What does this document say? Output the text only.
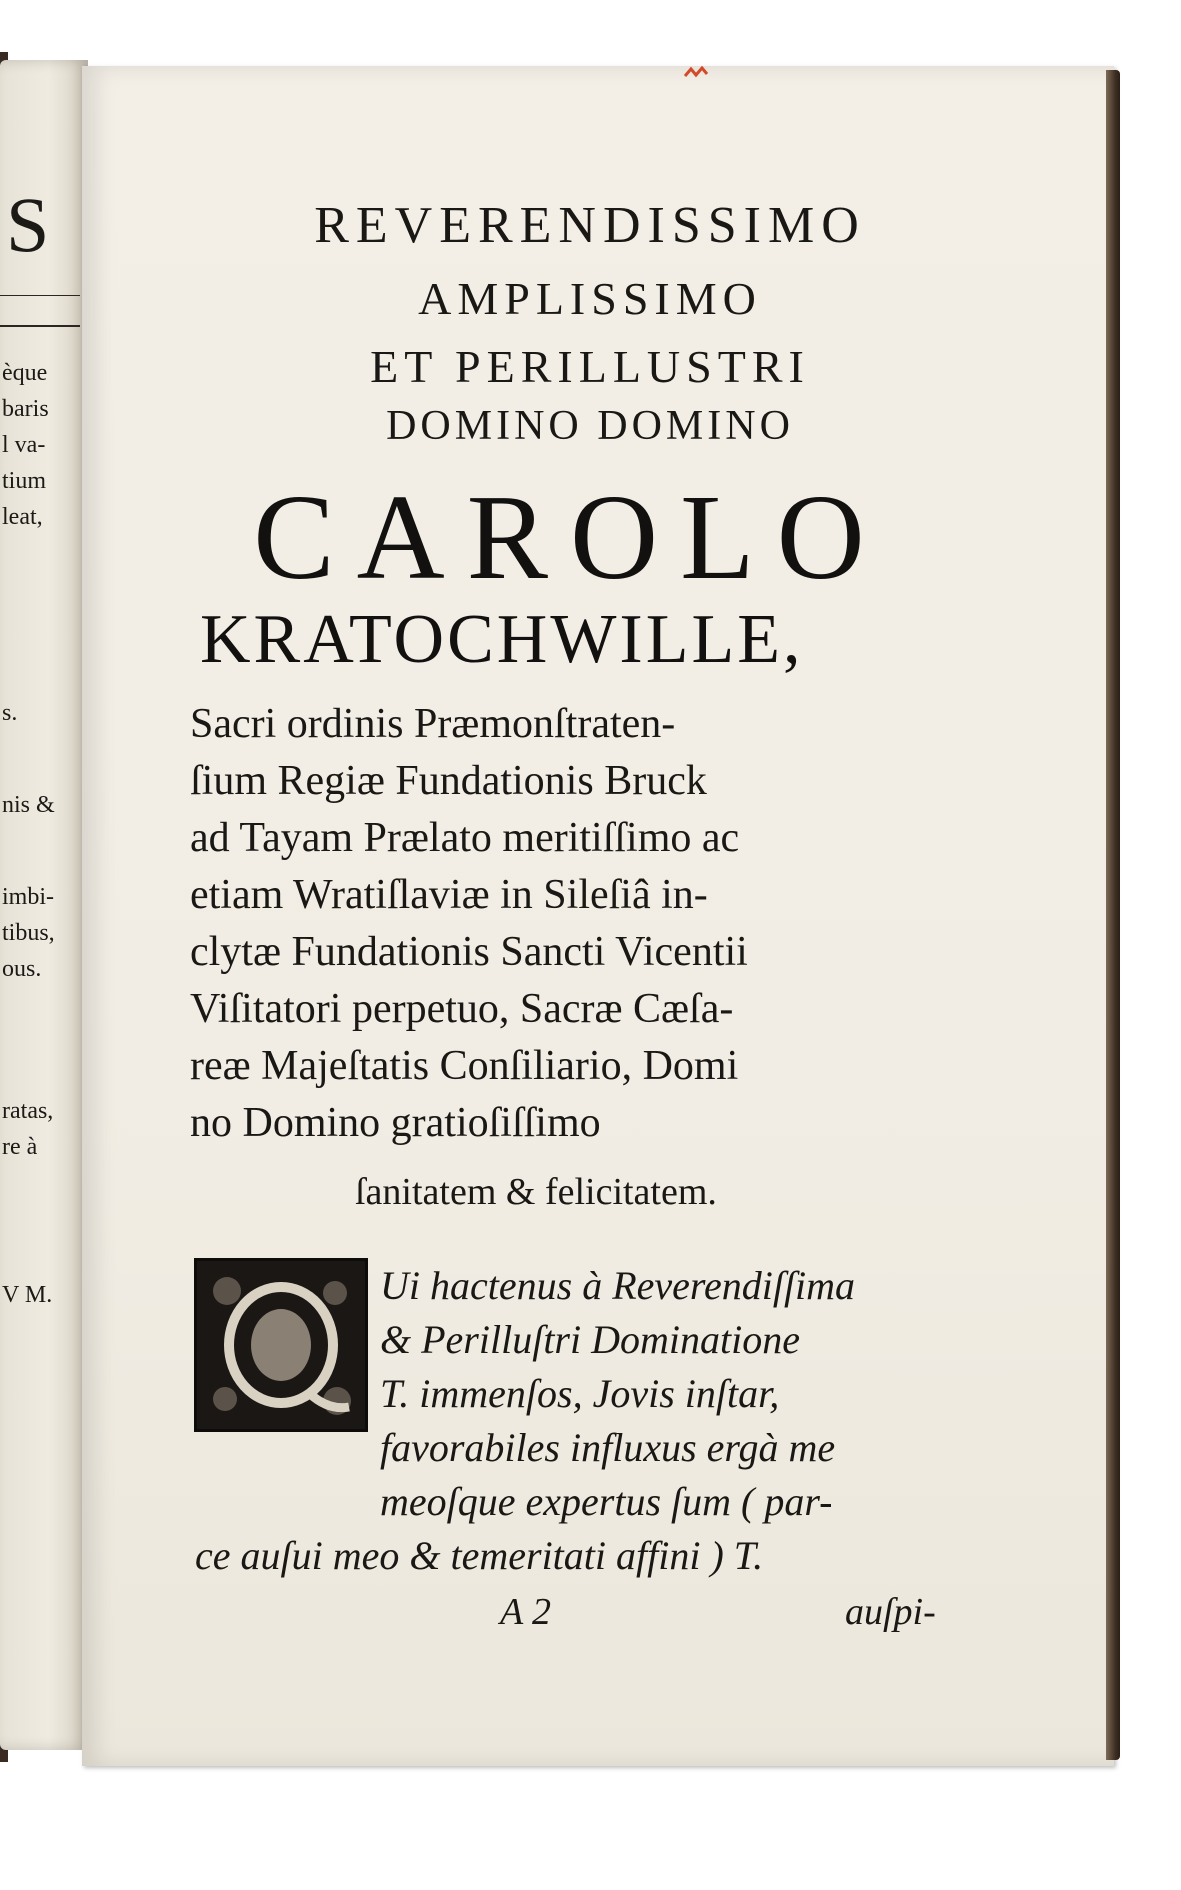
S
èque
baris
l va-
tium
leat,
s.
nis &
imbi-
tibus,
ous.
ratas,
re à
V M.
REVERENDISSIMO
AMPLISSIMO
ET PERILLUSTRI
DOMINO DOMINO
CAROLO
KRATOCHWILLE,
Sacri ordinis Præmonſtraten-
ſium Regiæ Fundationis Bruck
ad Tayam Prælato meritiſſimo ac
etiam Wratiſlaviæ in Sileſiâ in-
clytæ Fundationis Sancti Vicentii
Viſitatori perpetuo, Sacræ Cæſa-
reæ Majeſtatis Conſiliario, Domi
no Domino gratioſiſſimo
ſanitatem & felicitatem.
Ui hactenus à Reverendiſſima
& Perilluſtri Dominatione
T. immenſos, Jovis inſtar,
favorabiles influxus ergà me
meoſque expertus ſum ( par-
ce auſui meo & temeritati affini ) T.
A 2	auſpi-
